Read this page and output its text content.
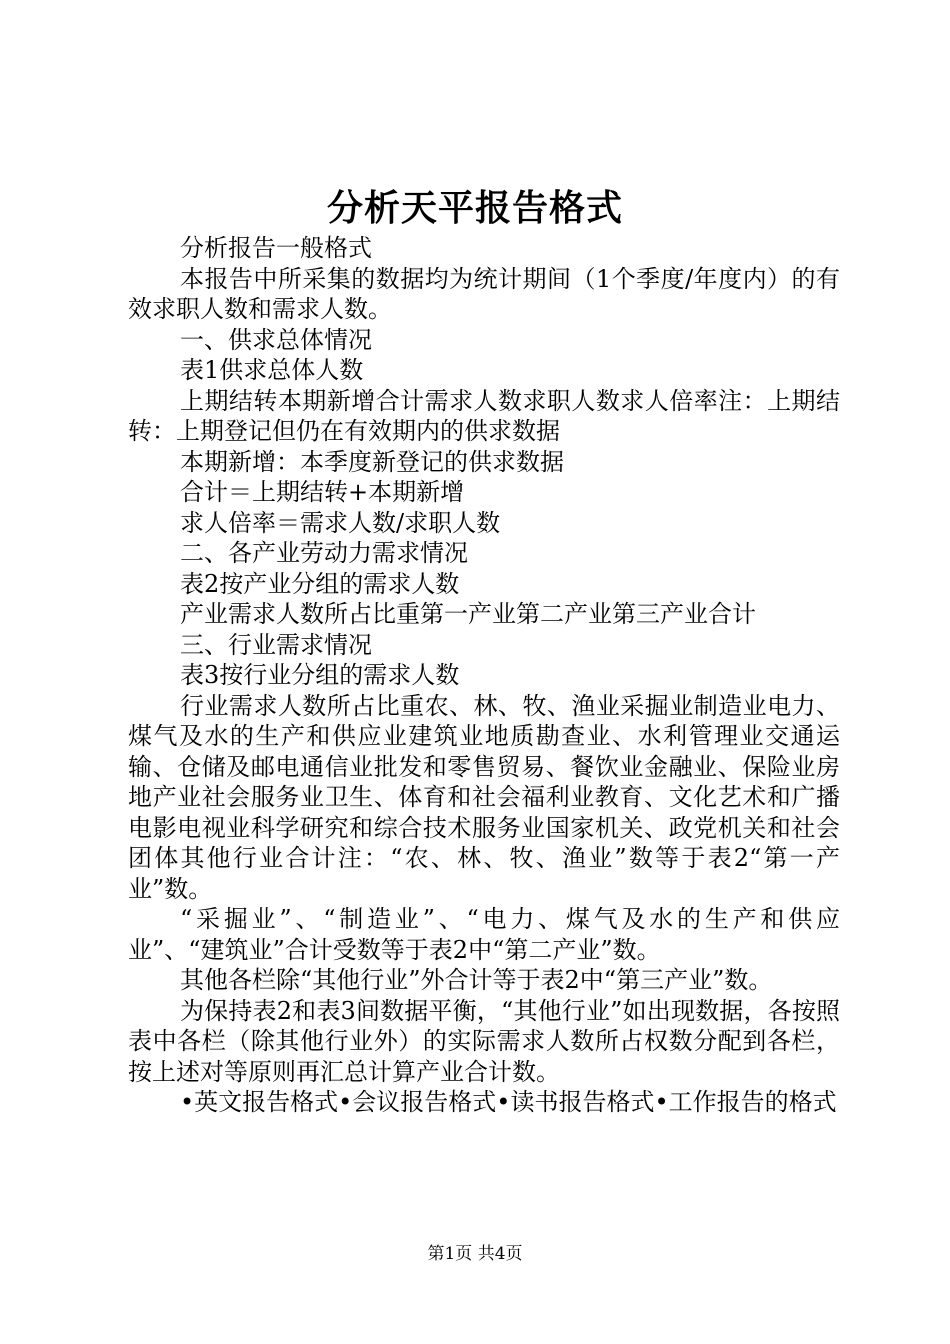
分析天平报告格式

分析报告一般格式

本报告中所采集的数据均为统计期间（1个季度/年度内）的有效求职人数和需求人数。

一、供求总体情况

表1供求总体人数

上期结转本期新增合计需求人数求职人数求人倍率注：上期结转：上期登记但仍在有效期内的供求数据

本期新增：本季度新登记的供求数据

合计＝上期结转+本期新增

求人倍率＝需求人数/求职人数

二、各产业劳动力需求情况

表2按产业分组的需求人数

产业需求人数所占比重第一产业第二产业第三产业合计

三、行业需求情况

表3按行业分组的需求人数

行业需求人数所占比重农、林、牧、渔业采掘业制造业电力、煤气及水的生产和供应业建筑业地质勘查业、水利管理业交通运输、仓储及邮电通信业批发和零售贸易、餐饮业金融业、保险业房地产业社会服务业卫生、体育和社会福利业教育、文化艺术和广播电影电视业科学研究和综合技术服务业国家机关、政党机关和社会团体其他行业合计注：“农、林、牧、渔业”数等于表2“第一产业”数。

“采掘业”、“制造业”、“电力、煤气及水的生产和供应业”、“建筑业”合计受数等于表2中“第二产业”数。

其他各栏除“其他行业”外合计等于表2中“第三产业”数。

为保持表2和表3间数据平衡，“其他行业”如出现数据，各按照表中各栏（除其他行业外）的实际需求人数所占权数分配到各栏，按上述对等原则再汇总计算产业合计数。

•英文报告格式•会议报告格式•读书报告格式•工作报告的格式

第1页 共4页
